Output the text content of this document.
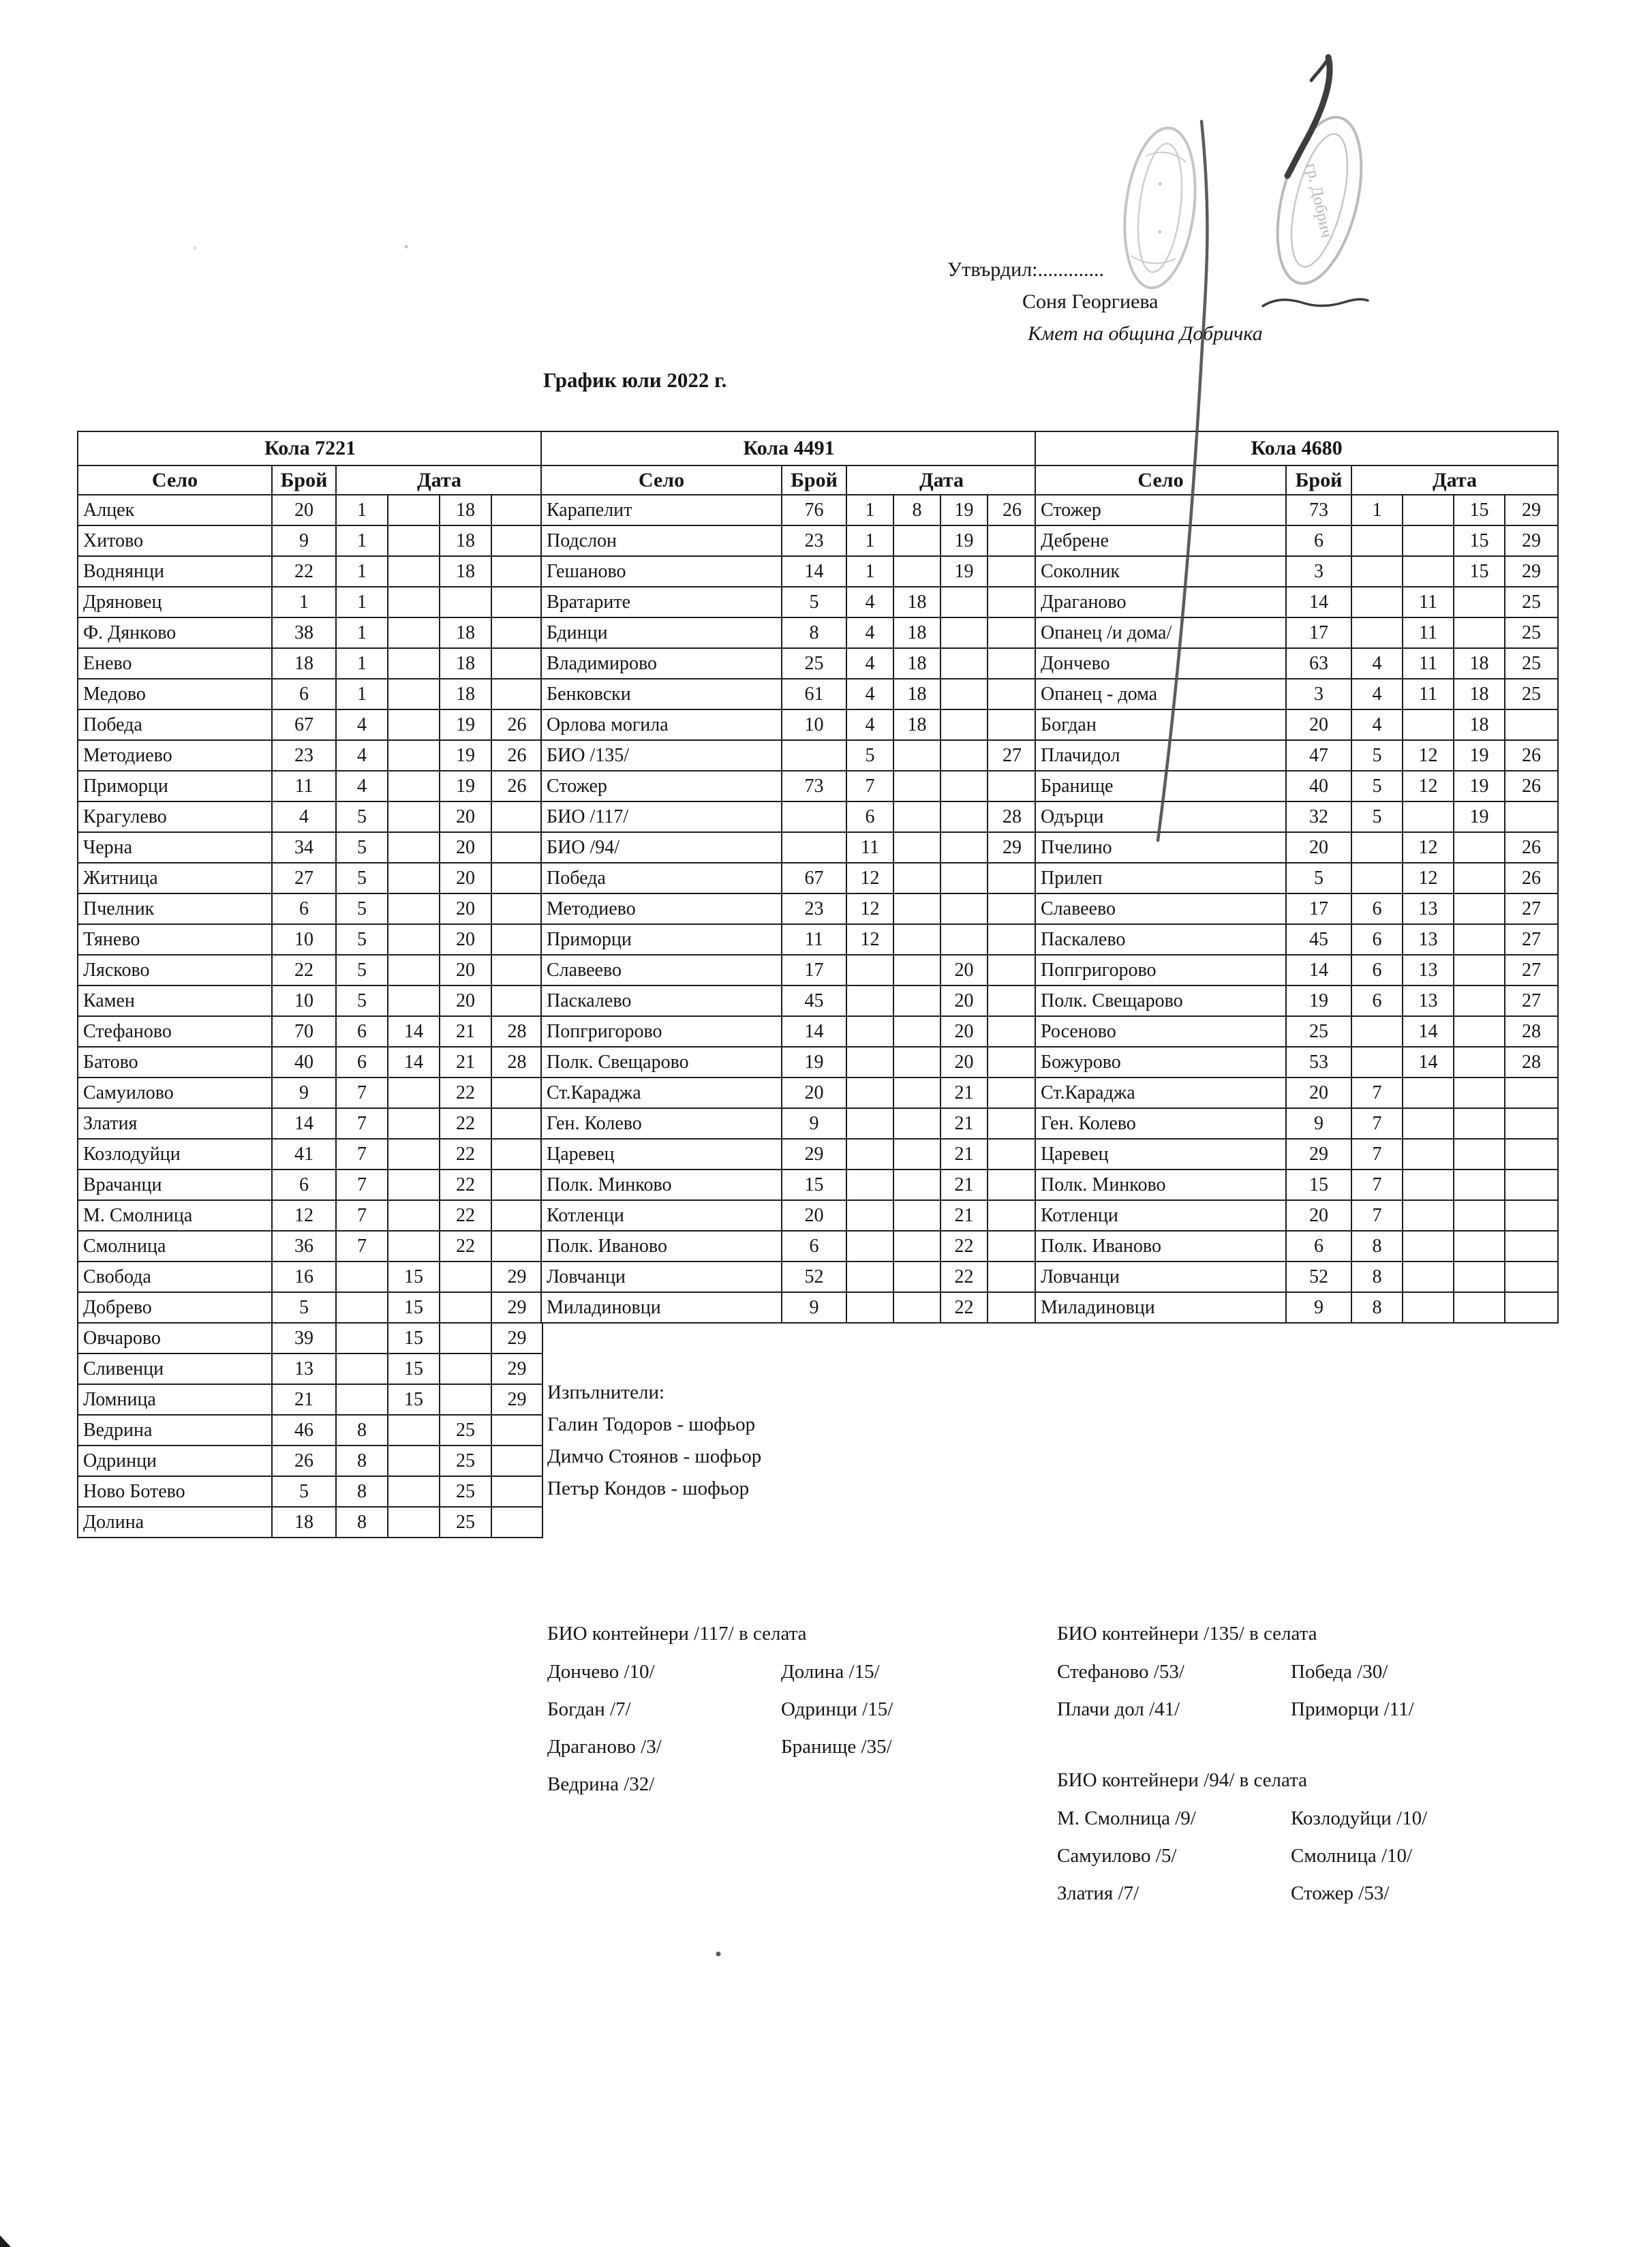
Утвърдил:.............
Соня Георгиева
Кмет на община Добричка
График юли 2022 г.
Кола 7221					
Село	Брой	Дата			
Алцек	20	1		18	
Хитово	9	1		18	
Воднянци	22	1		18	
Дряновец	1	1			
Ф. Дянково	38	1		18	
Енево	18	1		18	
Медово	6	1		18	
Победа	67	4		19	26
Методиево	23	4		19	26
Приморци	11	4		19	26
Крагулево	4	5		20	
Черна	34	5		20	
Житница	27	5		20	
Пчелник	6	5		20	
Тянево	10	5		20	
Лясково	22	5		20	
Камен	10	5		20	
Стефаново	70	6	14	21	28
Батово	40	6	14	21	28
Самуилово	9	7		22	
Златия	14	7		22	
Козлодуйци	41	7		22	
Врачанци	6	7		22	
М. Смолница	12	7		22	
Смолница	36	7		22	
Свобода	16		15		29
Добрево	5		15		29
Овчарово	39		15		29
Сливенци	13		15		29
Ломница	21		15		29
Ведрина	46	8		25	
Одринци	26	8		25	
Ново Ботево	5	8		25	
Долина	18	8		25	
Кола 4491					
Село	Брой	Дата			
Карапелит	76	1	8	19	26
Подслон	23	1		19	
Гешаново	14	1		19	
Вратарите	5	4	18		
Бдинци	8	4	18		
Владимирово	25	4	18		
Бенковски	61	4	18		
Орлова могила	10	4	18		
БИО /135/		5			27
Стожер	73	7			
БИО /117/		6			28
БИО /94/		11			29
Победа	67	12			
Методиево	23	12			
Приморци	11	12			
Славеево	17			20	
Паскалево	45			20	
Попгригорово	14			20	
Полк. Свещарово	19			20	
Ст.Караджа	20			21	
Ген. Колево	9			21	
Царевец	29			21	
Полк. Минково	15			21	
Котленци	20			21	
Полк. Иваново	6			22	
Ловчанци	52			22	
Миладиновци	9			22	
Кола 4680					
Село	Брой	Дата			
Стожер	73	1		15	29
Дебрене	6			15	29
Соколник	3			15	29
Драганово	14		11		25
Опанец /и дома/	17		11		25
Дончево	63	4	11	18	25
Опанец - дома	3	4	11	18	25
Богдан	20	4		18	
Плачидол	47	5	12	19	26
Бранище	40	5	12	19	26
Одърци	32	5		19	
Пчелино	20		12		26
Прилеп	5		12		26
Славеево	17	6	13		27
Паскалево	45	6	13		27
Попгригорово	14	6	13		27
Полк. Свещарово	19	6	13		27
Росеново	25		14		28
Божурово	53		14		28
Ст.Караджа	20	7			
Ген. Колево	9	7			
Царевец	29	7			
Полк. Минково	15	7			
Котленци	20	7			
Полк. Иваново	6	8			
Ловчанци	52	8			
Миладиновци	9	8			
Изпълнители:
Галин Тодоров - шофьор
Димчо Стоянов - шофьор
Петър Кондов - шофьор
БИО контейнери /117/ в селата
Дончево /10/	Долина /15/
Богдан /7/	Одринци /15/
Драганово /3/	Бранище /35/
Ведрина /32/
БИО контейнери /135/ в селата
Стефаново /53/	Победа /30/
Плачи дол /41/	Приморци /11/
БИО контейнери /94/ в селата
М. Смолница /9/	Козлодуйци /10/
Самуилово /5/	Смолница /10/
Златия /7/	Стожер /53/
гр. Добрич
